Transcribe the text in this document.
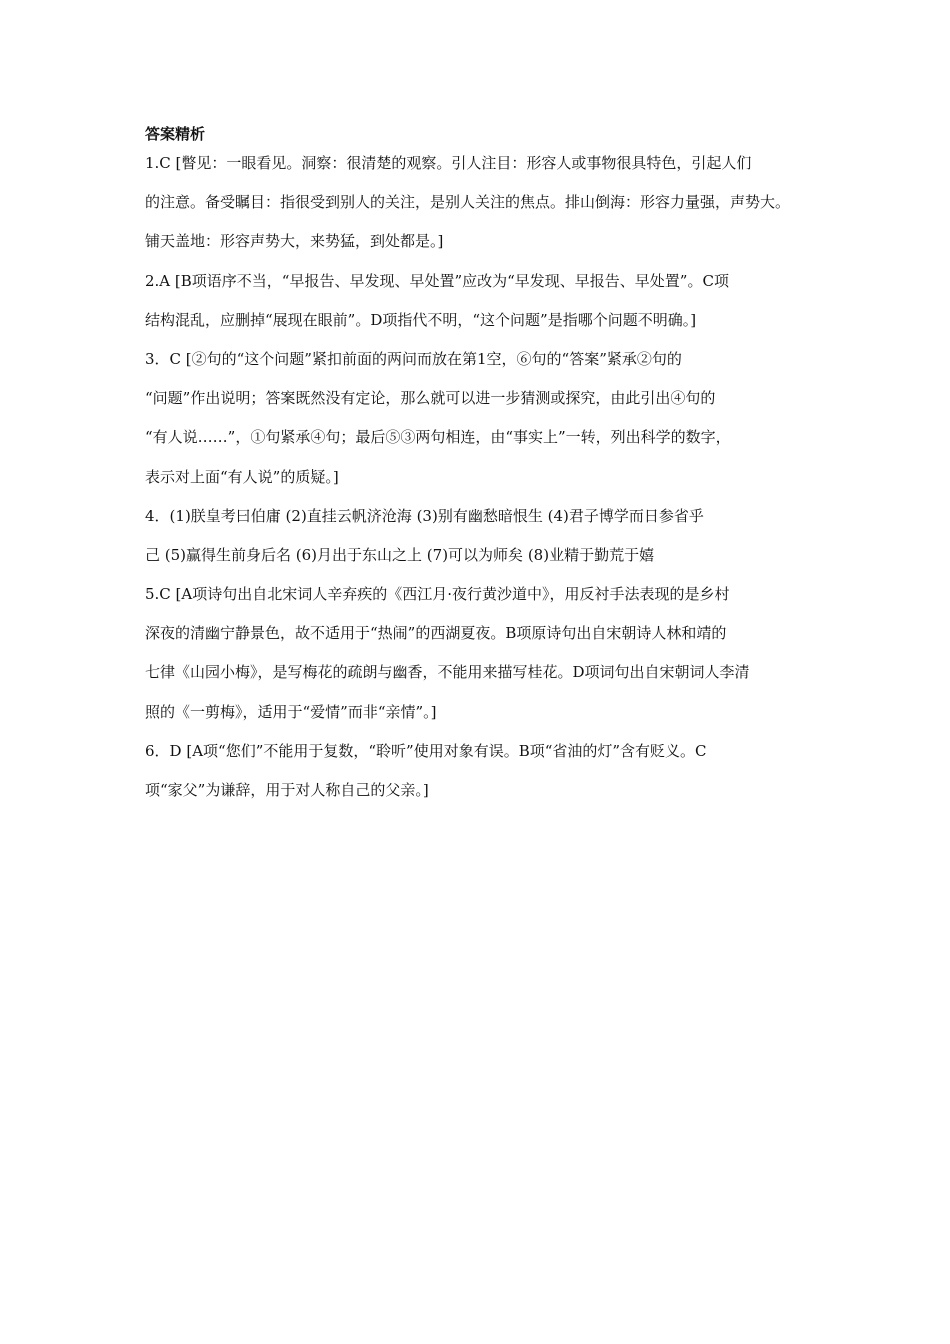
答案精析
1.C [瞥见：一眼看见。洞察：很清楚的观察。引人注目：形容人或事物很具特色，引起人们
的注意。备受瞩目：指很受到别人的关注，是别人关注的焦点。排山倒海：形容力量强，声势大。
铺天盖地：形容声势大，来势猛，到处都是。]
2.A [B项语序不当，“早报告、早发现、早处置”应改为“早发现、早报告、早处置”。C项
结构混乱，应删掉“展现在眼前”。D项指代不明，“这个问题”是指哪个问题不明确。]
3．C [②句的“这个问题”紧扣前面的两问而放在第1空，⑥句的“答案”紧承②句的
“问题”作出说明；答案既然没有定论，那么就可以进一步猜测或探究，由此引出④句的
“有人说……”，①句紧承④句；最后⑤③两句相连，由“事实上”一转，列出科学的数字，
表示对上面“有人说”的质疑。]
4．(1)朕皇考曰伯庸 (2)直挂云帆济沧海 (3)别有幽愁暗恨生 (4)君子博学而日参省乎
己 (5)赢得生前身后名 (6)月出于东山之上 (7)可以为师矣 (8)业精于勤荒于嬉
5.C [A项诗句出自北宋词人辛弃疾的《西江月·夜行黄沙道中》，用反衬手法表现的是乡村
深夜的清幽宁静景色，故不适用于“热闹”的西湖夏夜。B项原诗句出自宋朝诗人林和靖的
七律《山园小梅》，是写梅花的疏朗与幽香，不能用来描写桂花。D项词句出自宋朝词人李清
照的《一剪梅》，适用于“爱情”而非“亲情”。]
6．D [A项“您们”不能用于复数，“聆听”使用对象有误。B项“省油的灯”含有贬义。C
项“家父”为谦辞，用于对人称自己的父亲。]
